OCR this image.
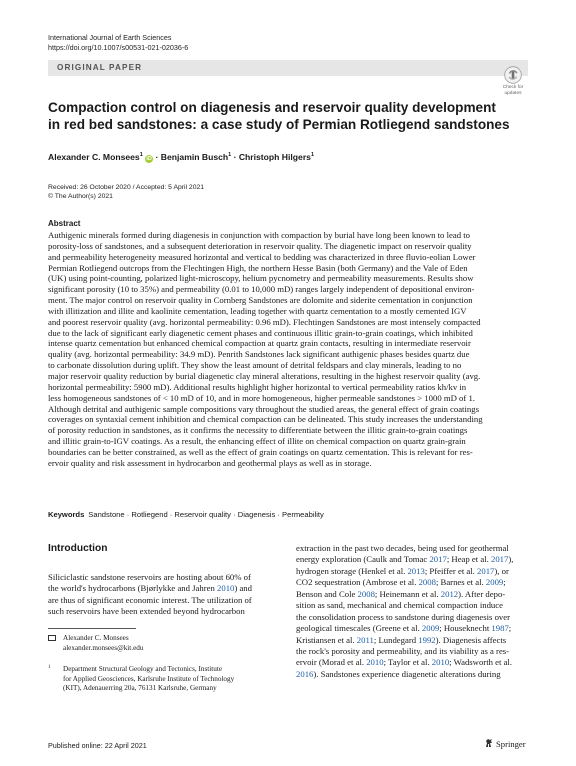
International Journal of Earth Sciences
https://doi.org/10.1007/s00531-021-02036-6
ORIGINAL PAPER
Check for
updates
Compaction control on diagenesis and reservoir quality development
in red bed sandstones: a case study of Permian Rotliegend sandstones
Alexander C. Monsees$^1$ iD · Benjamin Busch$^1$ · Christoph Hilgers$^1$
Received: 26 October 2020 / Accepted: 5 April 2021
© The Author(s) 2021
Abstract
Authigenic minerals formed during diagenesis in conjunction with compaction by burial have long been known to lead to
porosity-loss of sandstones, and a subsequent deterioration in reservoir quality. The diagenetic impact on reservoir quality
and permeability heterogeneity measured horizontal and vertical to bedding was characterized in three fluvio-eolian Lower
Permian Rotliegend outcrops from the Flechtingen High, the northern Hesse Basin (both Germany) and the Vale of Eden
(UK) using point-counting, polarized light-microscopy, helium pycnometry and permeability measurements. Results show
significant porosity (10 to 35%) and permeability (0.01 to 10,000 mD) ranges largely independent of depositional environ-
ment. The major control on reservoir quality in Cornberg Sandstones are dolomite and siderite cementation in conjunction
with illitization and illite and kaolinite cementation, leading together with quartz cementation to a mostly cemented IGV
and poorest reservoir quality (avg. horizontal permeability: 0.96 mD). Flechtingen Sandstones are most intensely compacted
due to the lack of significant early diagenetic cement phases and continuous illitic grain-to-grain coatings, which inhibited
intense quartz cementation but enhanced chemical compaction at quartz grain contacts, resulting in intermediate reservoir
quality (avg. horizontal permeability: 34.9 mD). Penrith Sandstones lack significant authigenic phases besides quartz due
to carbonate dissolution during uplift. They show the least amount of detrital feldspars and clay minerals, leading to no
major reservoir quality reduction by burial diagenetic clay mineral alterations, resulting in the highest reservoir quality (avg.
horizontal permeability: 5900 mD). Additional results highlight higher horizontal to vertical permeability ratios kh/kv in
less homogeneous sandstones of < 10 mD of 10, and in more homogeneous, higher permeable sandstones > 1000 mD of 1.
Although detrital and authigenic sample compositions vary throughout the studied areas, the general effect of grain coatings
coverages on syntaxial cement inhibition and chemical compaction can be delineated. This study increases the understanding
of porosity reduction in sandstones, as it confirms the necessity to differentiate between the illitic grain-to-grain coatings
and illitic grain-to-IGV coatings. As a result, the enhancing effect of illite on chemical compaction on quartz grain-grain
boundaries can be better constrained, as well as the effect of grain coatings on quartz cementation. This is relevant for res-
ervoir quality and risk assessment in hydrocarbon and geothermal plays as well as in storage.
Keywords Sandstone · Rotliegend · Reservoir quality · Diagenesis · Permeability
Introduction
Siliciclastic sandstone reservoirs are hosting about 60% of
the world's hydrocarbons (Bjørlykke and Jahren 2010) and
are thus of significant economic interest. The utilization of
such reservoirs have been extended beyond hydrocarbon
extraction in the past two decades, being used for geothermal
energy exploration (Caulk and Tomac 2017; Heap et al. 2017),
hydrogen storage (Henkel et al. 2013; Pfeiffer et al. 2017), or
CO2 sequestration (Ambrose et al. 2008; Barnes et al. 2009;
Benson and Cole 2008; Heinemann et al. 2012). After depo-
sition as sand, mechanical and chemical compaction induce
the consolidation process to sandstone during diagenesis over
geological timescales (Greene et al. 2009; Houseknecht 1987;
Kristiansen et al. 2011; Lundegard 1992). Diagenesis affects
the rock's porosity and permeability, and its viability as a res-
ervoir (Morad et al. 2010; Taylor et al. 2010; Wadsworth et al.
2016). Sandstones experience diagenetic alterations during
Alexander C. Monsees
alexander.monsees@kit.edu
1 Department Structural Geology and Tectonics, Institute
for Applied Geosciences, Karlsruhe Institute of Technology
(KIT), Adenauerring 20a, 76131 Karlsruhe, Germany
Published online: 22 April 2021	Springer
